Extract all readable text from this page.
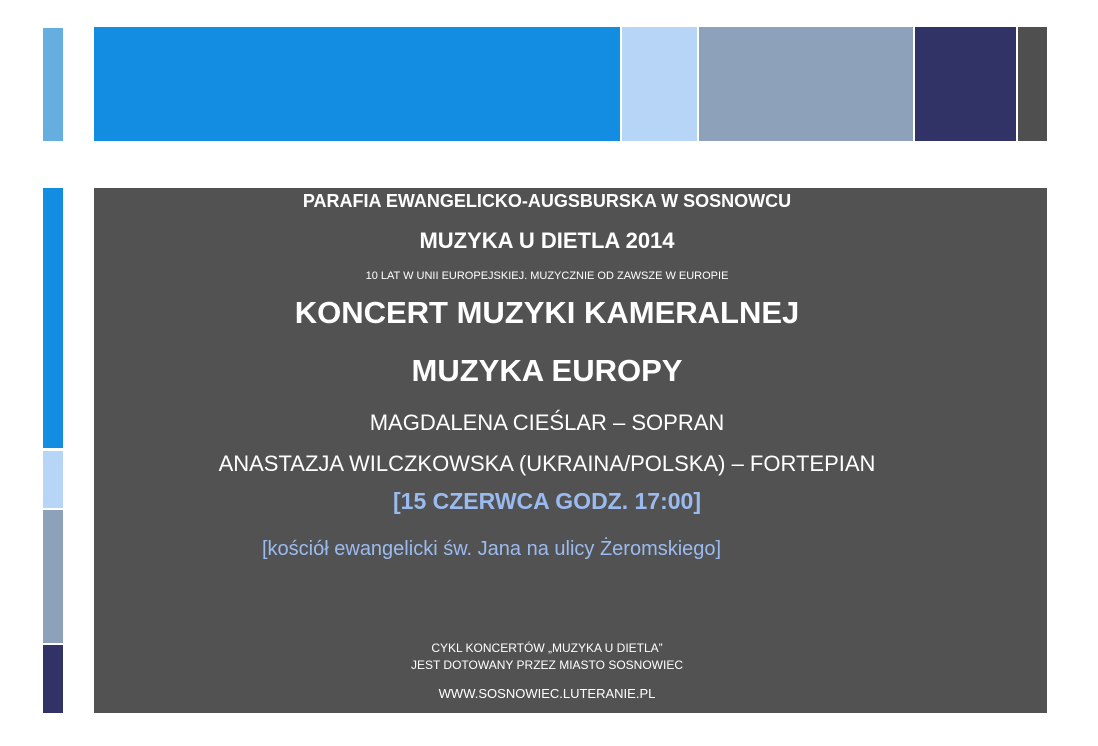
PARAFIA EWANGELICKO-AUGSBURSKA W SOSNOWCU
MUZYKA U DIETLA 2014
10 LAT W UNII EUROPEJSKIEJ. MUZYCZNIE OD ZAWSZE W EUROPIE
KONCERT MUZYKI KAMERALNEJ
MUZYKA EUROPY
MAGDALENA CIEŚLAR – SOPRAN
ANASTAZJA WILCZKOWSKA (UKRAINA/POLSKA) – FORTEPIAN
[15 CZERWCA GODZ. 17:00]
[kościół ewangelicki św. Jana na ulicy Żeromskiego]
CYKL KONCERTÓW „MUZYKA U DIETLA”
JEST DOTOWANY PRZEZ MIASTO SOSNOWIEC
WWW.SOSNOWIEC.LUTERANIE.PL
